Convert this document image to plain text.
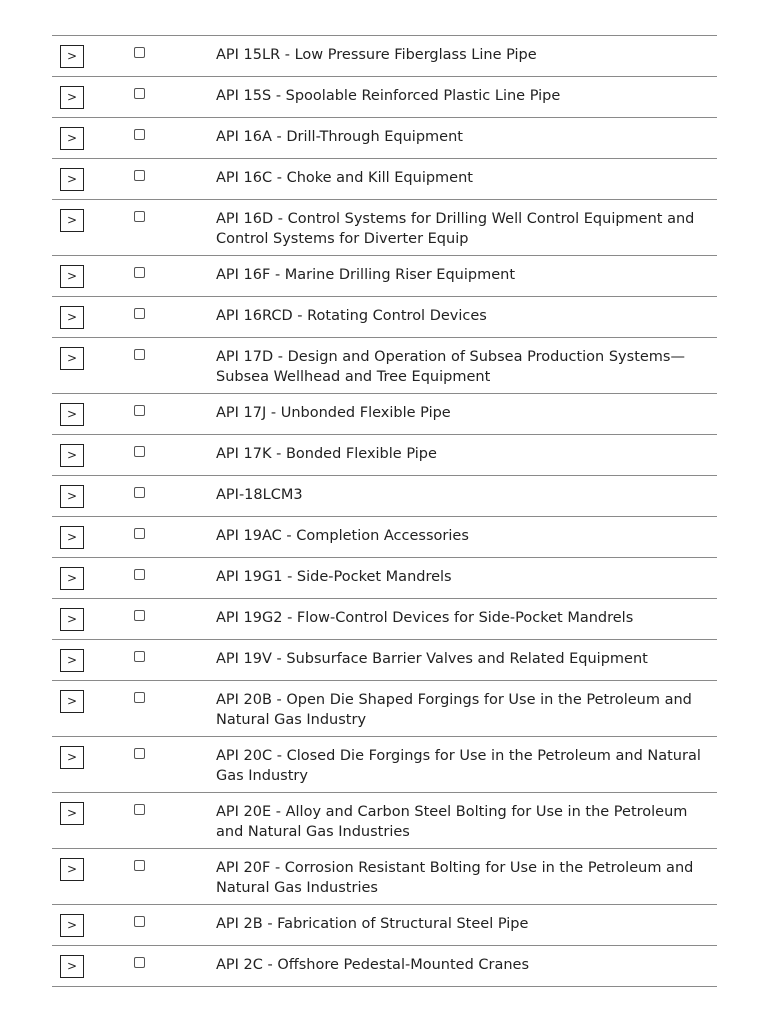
>	API 15LR - Low Pressure Fiberglass Line Pipe
>	API 15S - Spoolable Reinforced Plastic Line Pipe
>	API 16A - Drill-Through Equipment
>	API 16C - Choke and Kill Equipment
>	API 16D - Control Systems for Drilling Well Control Equipment and Control Systems for Diverter Equip
>	API 16F - Marine Drilling Riser Equipment
>	API 16RCD - Rotating Control Devices
>	API 17D - Design and Operation of Subsea Production Systems—Subsea Wellhead and Tree Equipment
>	API 17J - Unbonded Flexible Pipe
>	API 17K - Bonded Flexible Pipe
>	API-18LCM3
>	API 19AC - Completion Accessories
>	API 19G1 - Side-Pocket Mandrels
>	API 19G2 - Flow-Control Devices for Side-Pocket Mandrels
>	API 19V - Subsurface Barrier Valves and Related Equipment
>	API 20B - Open Die Shaped Forgings for Use in the Petroleum and Natural Gas Industry
>	API 20C - Closed Die Forgings for Use in the Petroleum and Natural Gas Industry
>	API 20E - Alloy and Carbon Steel Bolting for Use in the Petroleum and Natural Gas Industries
>	API 20F - Corrosion Resistant Bolting for Use in the Petroleum and Natural Gas Industries
>	API 2B - Fabrication of Structural Steel Pipe
>	API 2C - Offshore Pedestal-Mounted Cranes
